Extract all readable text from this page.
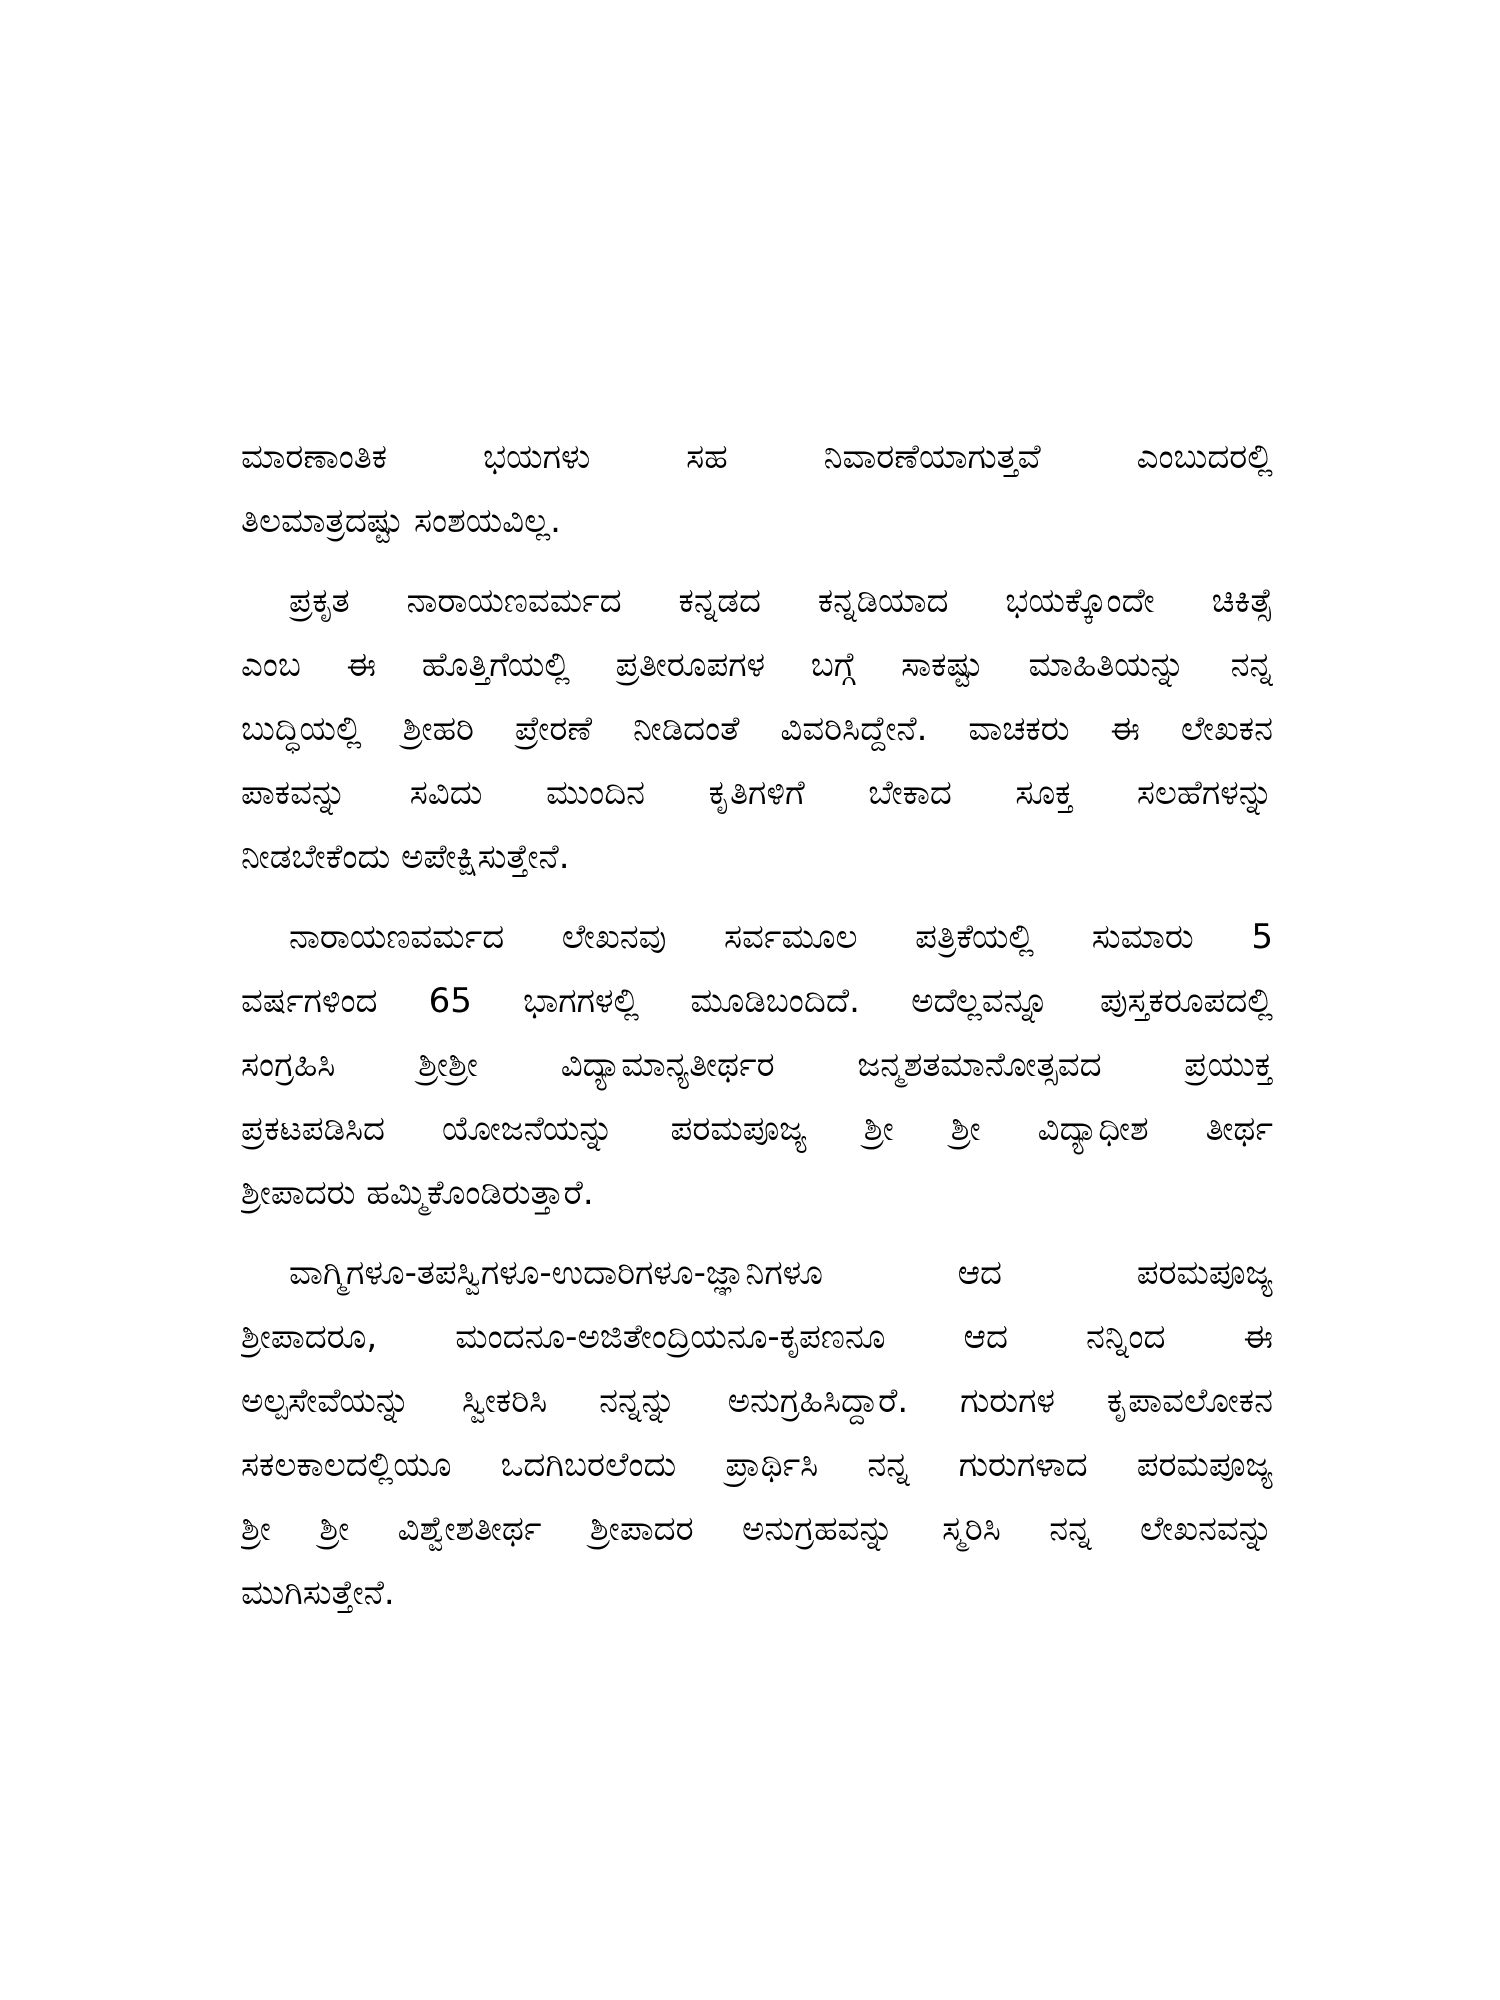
ಮಾರಣಾಂತಿಕ ಭಯಗಳು ಸಹ ನಿವಾರಣೆಯಾಗುತ್ತವೆ ಎಂಬುದರಲ್ಲಿ
ತಿಲಮಾತ್ರದಷ್ಟು ಸಂಶಯವಿಲ್ಲ.
ಪ್ರಕೃತ ನಾರಾಯಣವರ್ಮದ ಕನ್ನಡದ ಕನ್ನಡಿಯಾದ ಭಯಕ್ಕೊಂದೇ ಚಿಕಿತ್ಸೆ
ಎಂಬ ಈ ಹೊತ್ತಿಗೆಯಲ್ಲಿ ಪ್ರತೀರೂಪಗಳ ಬಗ್ಗೆ ಸಾಕಷ್ಟು ಮಾಹಿತಿಯನ್ನು ನನ್ನ
ಬುದ್ಧಿಯಲ್ಲಿ ಶ್ರೀಹರಿ ಪ್ರೇರಣೆ ನೀಡಿದಂತೆ ವಿವರಿಸಿದ್ದೇನೆ. ವಾಚಕರು ಈ ಲೇಖಕನ
ಪಾಕವನ್ನು ಸವಿದು ಮುಂದಿನ ಕೃತಿಗಳಿಗೆ ಬೇಕಾದ ಸೂಕ್ತ ಸಲಹೆಗಳನ್ನು
ನೀಡಬೇಕೆಂದು ಅಪೇಕ್ಷಿಸುತ್ತೇನೆ.
ನಾರಾಯಣವರ್ಮದ ಲೇಖನವು ಸರ್ವಮೂಲ ಪತ್ರಿಕೆಯಲ್ಲಿ ಸುಮಾರು 5
ವರ್ಷಗಳಿಂದ 65 ಭಾಗಗಳಲ್ಲಿ ಮೂಡಿಬಂದಿದೆ. ಅದೆಲ್ಲವನ್ನೂ ಪುಸ್ತಕರೂಪದಲ್ಲಿ
ಸಂಗ್ರಹಿಸಿ ಶ್ರೀಶ್ರೀ ವಿದ್ಯಾಮಾನ್ಯತೀರ್ಥರ ಜನ್ಮಶತಮಾನೋತ್ಸವದ ಪ್ರಯುಕ್ತ
ಪ್ರಕಟಪಡಿಸಿದ ಯೋಜನೆಯನ್ನು ಪರಮಪೂಜ್ಯ ಶ್ರೀ ಶ್ರೀ ವಿದ್ಯಾಧೀಶ ತೀರ್ಥ
ಶ್ರೀಪಾದರು ಹಮ್ಮಿಕೊಂಡಿರುತ್ತಾರೆ.
ವಾಗ್ಮಿಗಳೂ-ತಪಸ್ವಿಗಳೂ-ಉದಾರಿಗಳೂ-ಜ್ಞಾನಿಗಳೂ ಆದ ಪರಮಪೂಜ್ಯ
ಶ್ರೀಪಾದರೂ, ಮಂದನೂ-ಅಜಿತೇಂದ್ರಿಯನೂ-ಕೃಪಣನೂ ಆದ ನನ್ನಿಂದ ಈ
ಅಲ್ಪಸೇವೆಯನ್ನು ಸ್ವೀಕರಿಸಿ ನನ್ನನ್ನು ಅನುಗ್ರಹಿಸಿದ್ದಾರೆ. ಗುರುಗಳ ಕೃಪಾವಲೋಕನ
ಸಕಲಕಾಲದಲ್ಲಿಯೂ ಒದಗಿಬರಲೆಂದು ಪ್ರಾರ್ಥಿಸಿ ನನ್ನ ಗುರುಗಳಾದ ಪರಮಪೂಜ್ಯ
ಶ್ರೀ ಶ್ರೀ ವಿಶ್ವೇಶತೀರ್ಥ ಶ್ರೀಪಾದರ ಅನುಗ್ರಹವನ್ನು ಸ್ಮರಿಸಿ ನನ್ನ ಲೇಖನವನ್ನು
ಮುಗಿಸುತ್ತೇನೆ.
